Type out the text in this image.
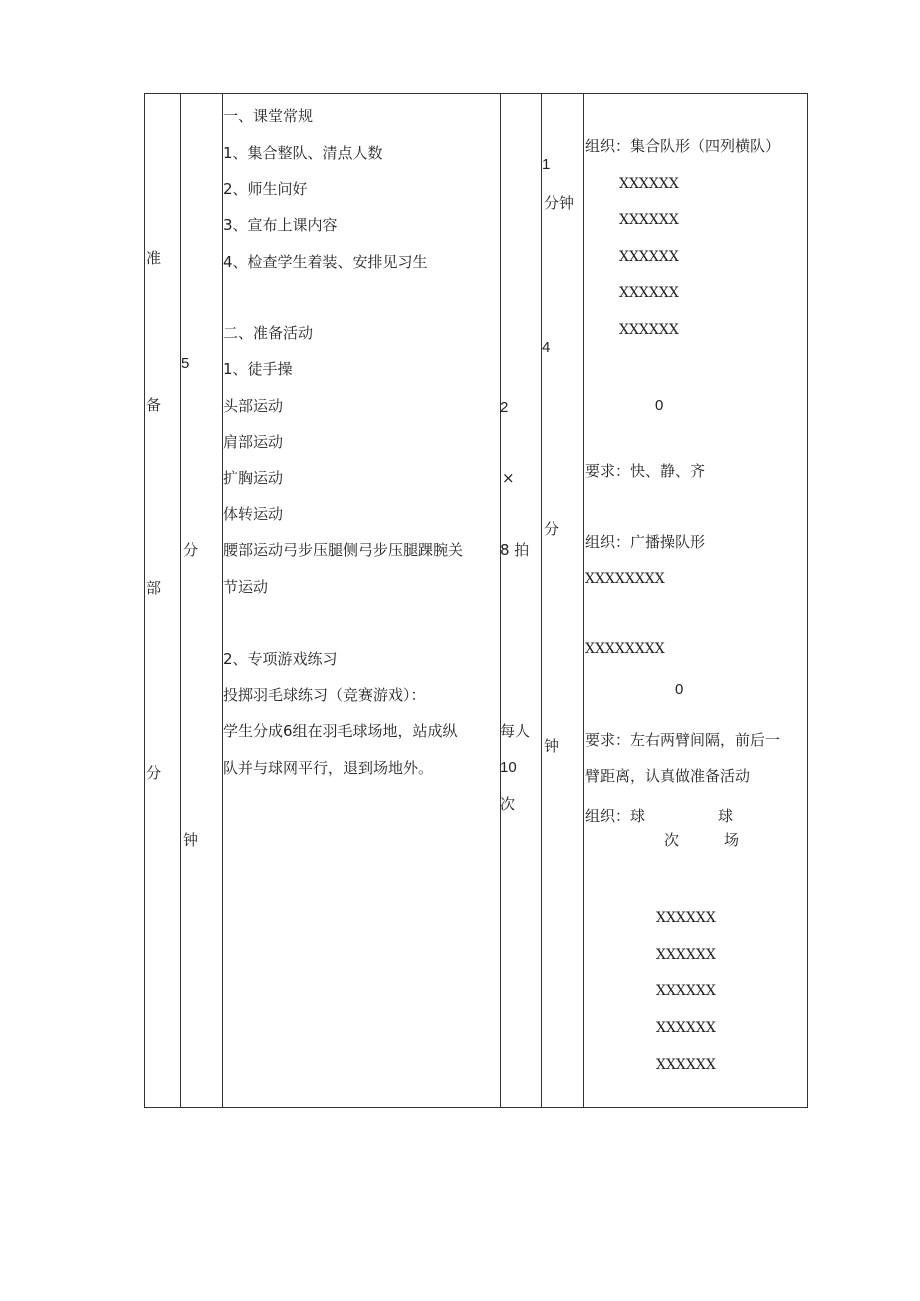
准
备
部
分
5
分
钟
一、课堂常规
1、集合整队、清点人数
2、师生问好
3、宣布上课内容
4、检查学生着装、安排见习生
二、准备活动
1、徒手操
头部运动
肩部运动
扩胸运动
体转运动
腰部运动弓步压腿侧弓步压腿踝腕关
节运动
2、专项游戏练习
投掷羽毛球练习（竞赛游戏）：
学生分成6组在羽毛球场地，站成纵
队并与球网平行，退到场地外。
2
×
8 拍
每人
10
次
1
分钟
4
分
钟
组织：集合队形（四列横队）
XXXXXX
XXXXXX
XXXXXX
XXXXXX
XXXXXX
0
要求：快、静、齐
组织：广播操队形
XXXXXXXX
XXXXXXXX
0
要求：左右两臂间隔，前后一
臂距离，认真做准备活动
组织：球	球
次	场
XXXXXX
XXXXXX
XXXXXX
XXXXXX
XXXXXX
